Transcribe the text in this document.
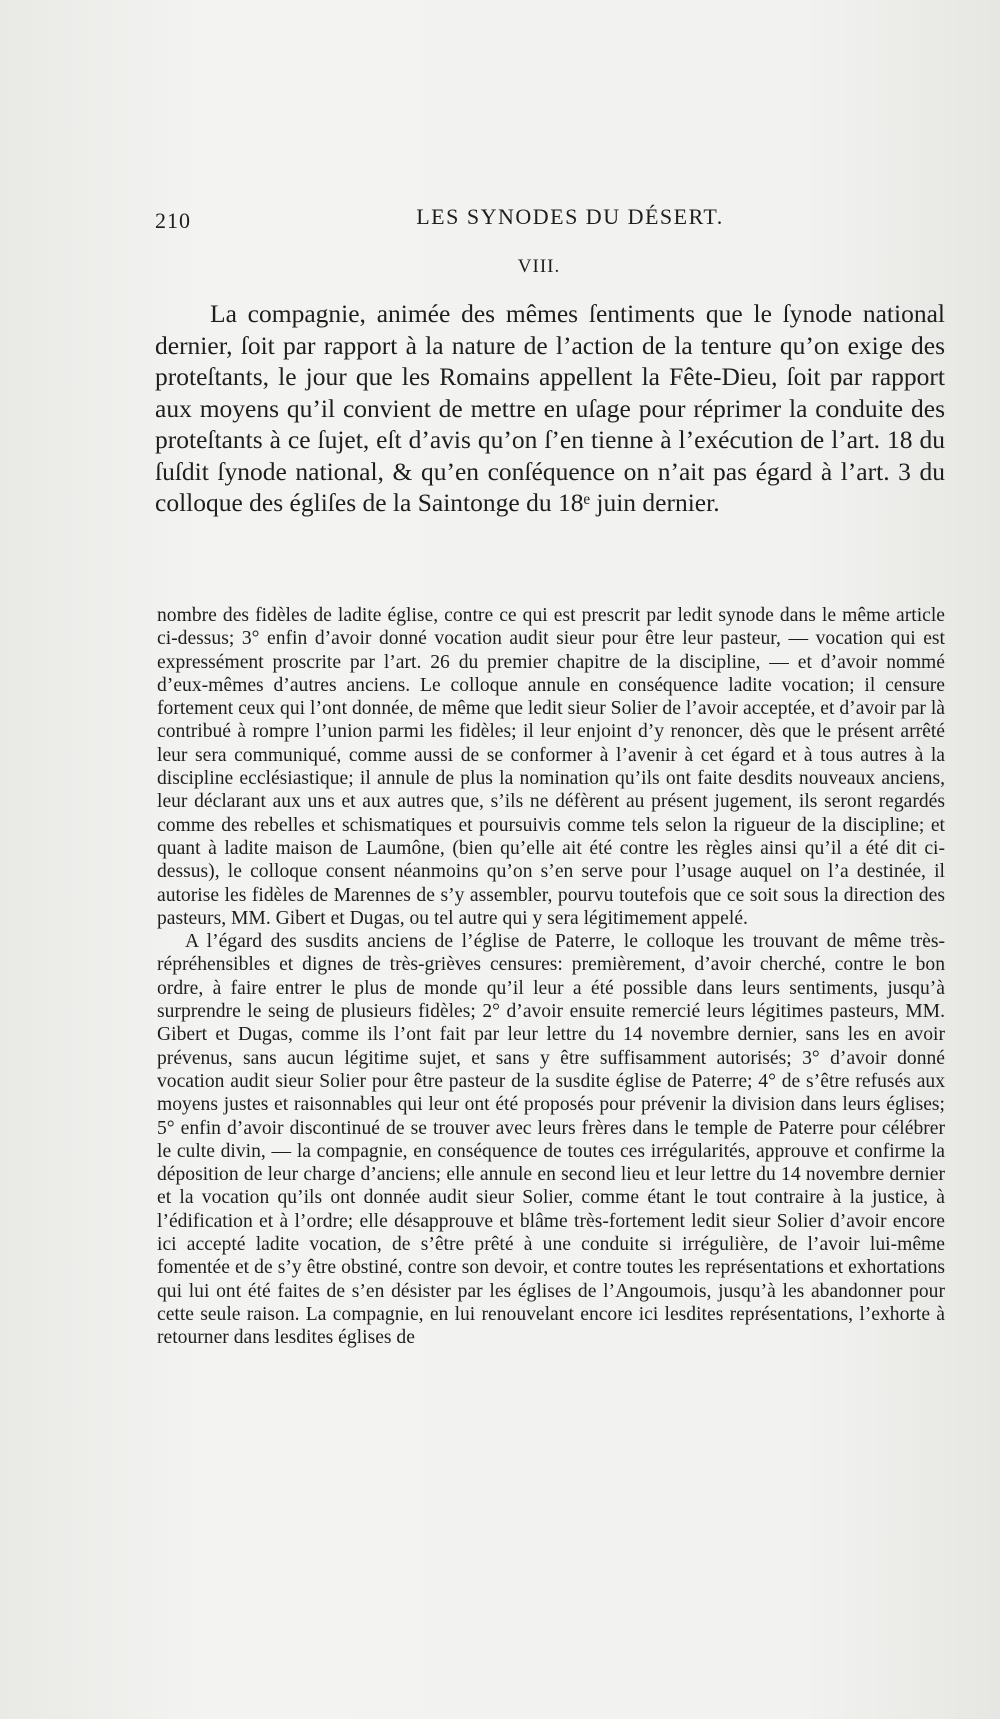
210	LES SYNODES DU DÉSERT.
VIII.

La compagnie, animée des mêmes ſentiments que le ſynode national dernier, ſoit par rapport à la nature de l’action de la tenture qu’on exige des proteſtants, le jour que les Romains appellent la Fête-Dieu, ſoit par rapport aux moyens qu’il convient de mettre en uſage pour réprimer la conduite des proteſtants à ce ſujet, eſt d’avis qu’on ſ’en tienne à l’exécution de l’art. 18 du ſuſdit ſynode national, & qu’en conſéquence on n’ait pas égard à l’art. 3 du colloque des égliſes de la Saintonge du 18ᵉ juin dernier.

nombre des fidèles de ladite église, contre ce qui est prescrit par ledit synode dans le même article ci-dessus; 3° enfin d’avoir donné vocation audit sieur pour être leur pasteur, — vocation qui est expressément proscrite par l’art. 26 du premier chapitre de la discipline, — et d’avoir nommé d’eux-mêmes d’autres anciens. Le colloque annule en conséquence ladite vocation; il censure fortement ceux qui l’ont donnée, de même que ledit sieur Solier de l’avoir acceptée, et d’avoir par là contribué à rompre l’union parmi les fidèles; il leur enjoint d’y renoncer, dès que le présent arrêté leur sera communiqué, comme aussi de se conformer à l’avenir à cet égard et à tous autres à la discipline ecclésiastique; il annule de plus la nomination qu’ils ont faite desdits nouveaux anciens, leur déclarant aux uns et aux autres que, s’ils ne défèrent au présent jugement, ils seront regardés comme des rebelles et schismatiques et poursuivis comme tels selon la rigueur de la discipline; et quant à ladite maison de Laumône, (bien qu’elle ait été contre les règles ainsi qu’il a été dit ci-dessus), le colloque consent néanmoins qu’on s’en serve pour l’usage auquel on l’a destinée, il autorise les fidèles de Marennes de s’y assembler, pourvu toutefois que ce soit sous la direction des pasteurs, MM. Gibert et Dugas, ou tel autre qui y sera légitimement appelé.

A l’égard des susdits anciens de l’église de Paterre, le colloque les trouvant de même très-répréhensibles et dignes de très-grièves censures: premièrement, d’avoir cherché, contre le bon ordre, à faire entrer le plus de monde qu’il leur a été possible dans leurs sentiments, jusqu’à surprendre le seing de plusieurs fidèles; 2° d’avoir ensuite remercié leurs légitimes pasteurs, MM. Gibert et Dugas, comme ils l’ont fait par leur lettre du 14 novembre dernier, sans les en avoir prévenus, sans aucun légitime sujet, et sans y être suffisamment autorisés; 3° d’avoir donné vocation audit sieur Solier pour être pasteur de la susdite église de Paterre; 4° de s’être refusés aux moyens justes et raisonnables qui leur ont été proposés pour prévenir la division dans leurs églises; 5° enfin d’avoir discontinué de se trouver avec leurs frères dans le temple de Paterre pour célébrer le culte divin, — la compagnie, en conséquence de toutes ces irrégularités, approuve et confirme la déposition de leur charge d’anciens; elle annule en second lieu et leur lettre du 14 novembre dernier et la vocation qu’ils ont donnée audit sieur Solier, comme étant le tout contraire à la justice, à l’édification et à l’ordre; elle désapprouve et blâme très-fortement ledit sieur Solier d’avoir encore ici accepté ladite vocation, de s’être prêté à une conduite si irrégulière, de l’avoir lui-même fomentée et de s’y être obstiné, contre son devoir, et contre toutes les représentations et exhortations qui lui ont été faites de s’en désister par les églises de l’Angoumois, jusqu’à les abandonner pour cette seule raison. La compagnie, en lui renouvelant encore ici lesdites représentations, l’exhorte à retourner dans lesdites églises de
